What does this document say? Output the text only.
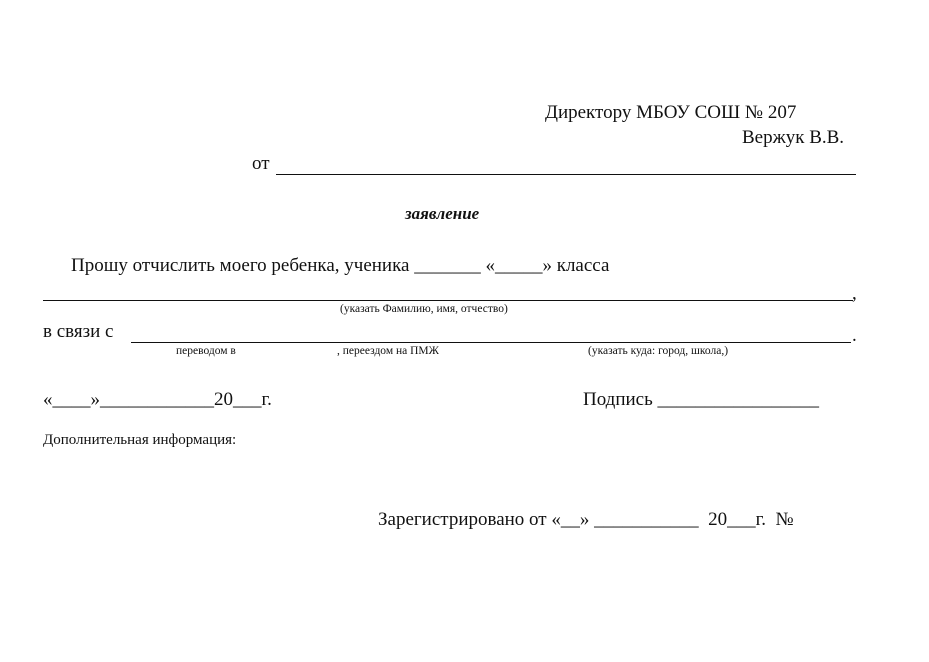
Директору МБОУ СОШ № 207
Вержук В.В.
от
заявление
Прошу отчислить моего ребенка, ученика _______ «_____» класса
,
(указать Фамилию, имя, отчество)
в связи с	.
переводом в	, переездом на ПМЖ	(указать куда: город, школа,)
«____»____________20___г.	Подпись _________________
Дополнительная информация:
Зарегистрировано от «__» ___________  20___г.  №
